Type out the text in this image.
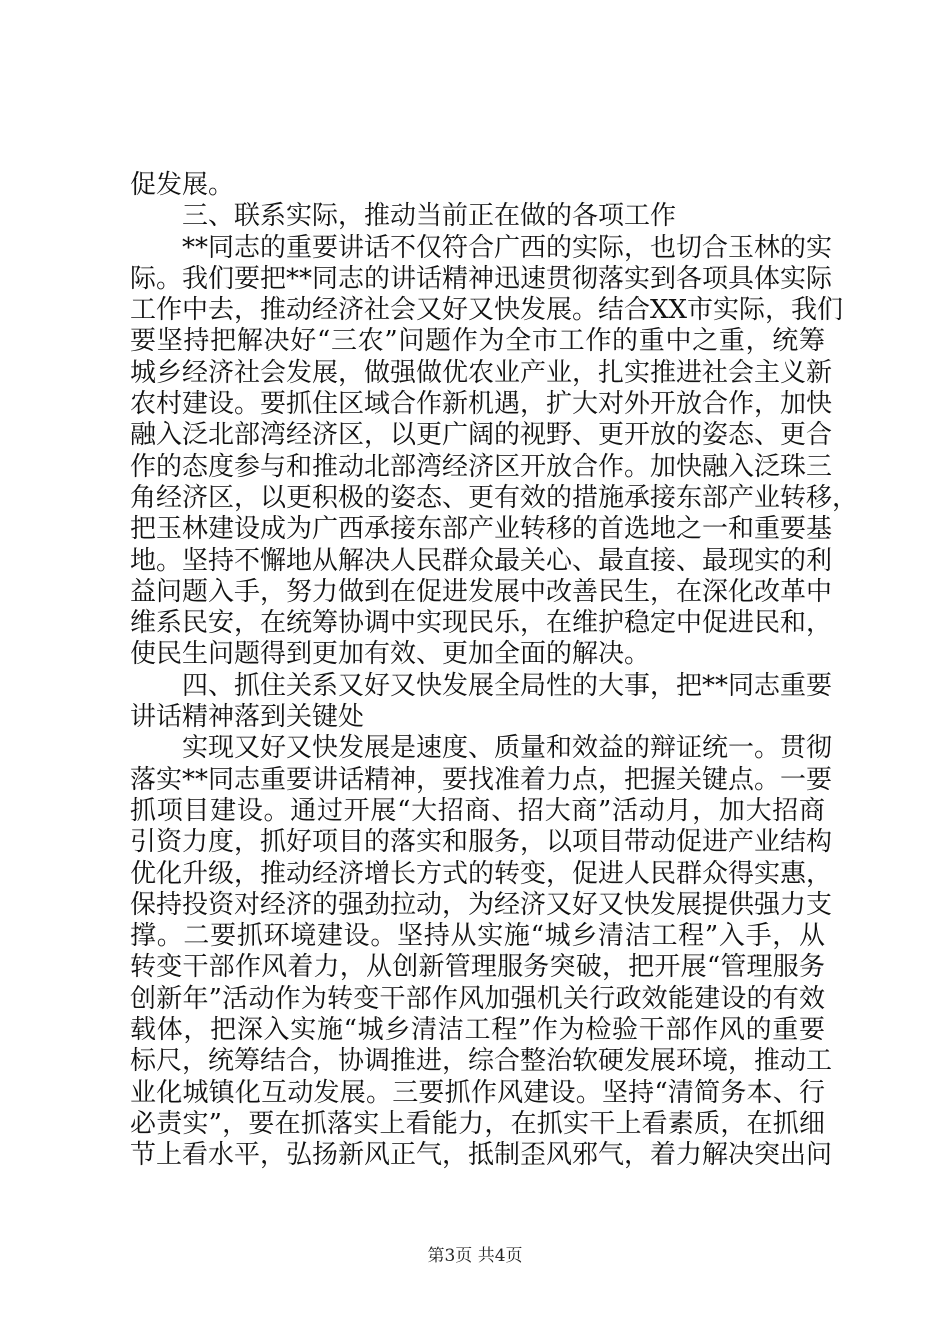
促发展。
三、联系实际，推动当前正在做的各项工作
**同志的重要讲话不仅符合广西的实际，也切合玉林的实
际。我们要把**同志的讲话精神迅速贯彻落实到各项具体实际
工作中去，推动经济社会又好又快发展。结合XX市实际，我们
要坚持把解决好“三农”问题作为全市工作的重中之重，统筹
城乡经济社会发展，做强做优农业产业，扎实推进社会主义新
农村建设。要抓住区域合作新机遇，扩大对外开放合作，加快
融入泛北部湾经济区，以更广阔的视野、更开放的姿态、更合
作的态度参与和推动北部湾经济区开放合作。加快融入泛珠三
角经济区，以更积极的姿态、更有效的措施承接东部产业转移，
把玉林建设成为广西承接东部产业转移的首选地之一和重要基
地。坚持不懈地从解决人民群众最关心、最直接、最现实的利
益问题入手，努力做到在促进发展中改善民生，在深化改革中
维系民安，在统筹协调中实现民乐，在维护稳定中促进民和，
使民生问题得到更加有效、更加全面的解决。
四、抓住关系又好又快发展全局性的大事，把**同志重要
讲话精神落到关键处
实现又好又快发展是速度、质量和效益的辩证统一。贯彻
落实**同志重要讲话精神，要找准着力点，把握关键点。一要
抓项目建设。通过开展“大招商、招大商”活动月，加大招商
引资力度，抓好项目的落实和服务，以项目带动促进产业结构
优化升级，推动经济增长方式的转变，促进人民群众得实惠，
保持投资对经济的强劲拉动，为经济又好又快发展提供强力支
撑。二要抓环境建设。坚持从实施“城乡清洁工程”入手，从
转变干部作风着力，从创新管理服务突破，把开展“管理服务
创新年”活动作为转变干部作风加强机关行政效能建设的有效
载体，把深入实施“城乡清洁工程”作为检验干部作风的重要
标尺，统筹结合，协调推进，综合整治软硬发展环境，推动工
业化城镇化互动发展。三要抓作风建设。坚持“清简务本、行
必责实”，要在抓落实上看能力，在抓实干上看素质，在抓细
节上看水平，弘扬新风正气，抵制歪风邪气，着力解决突出问
第3页 共4页
